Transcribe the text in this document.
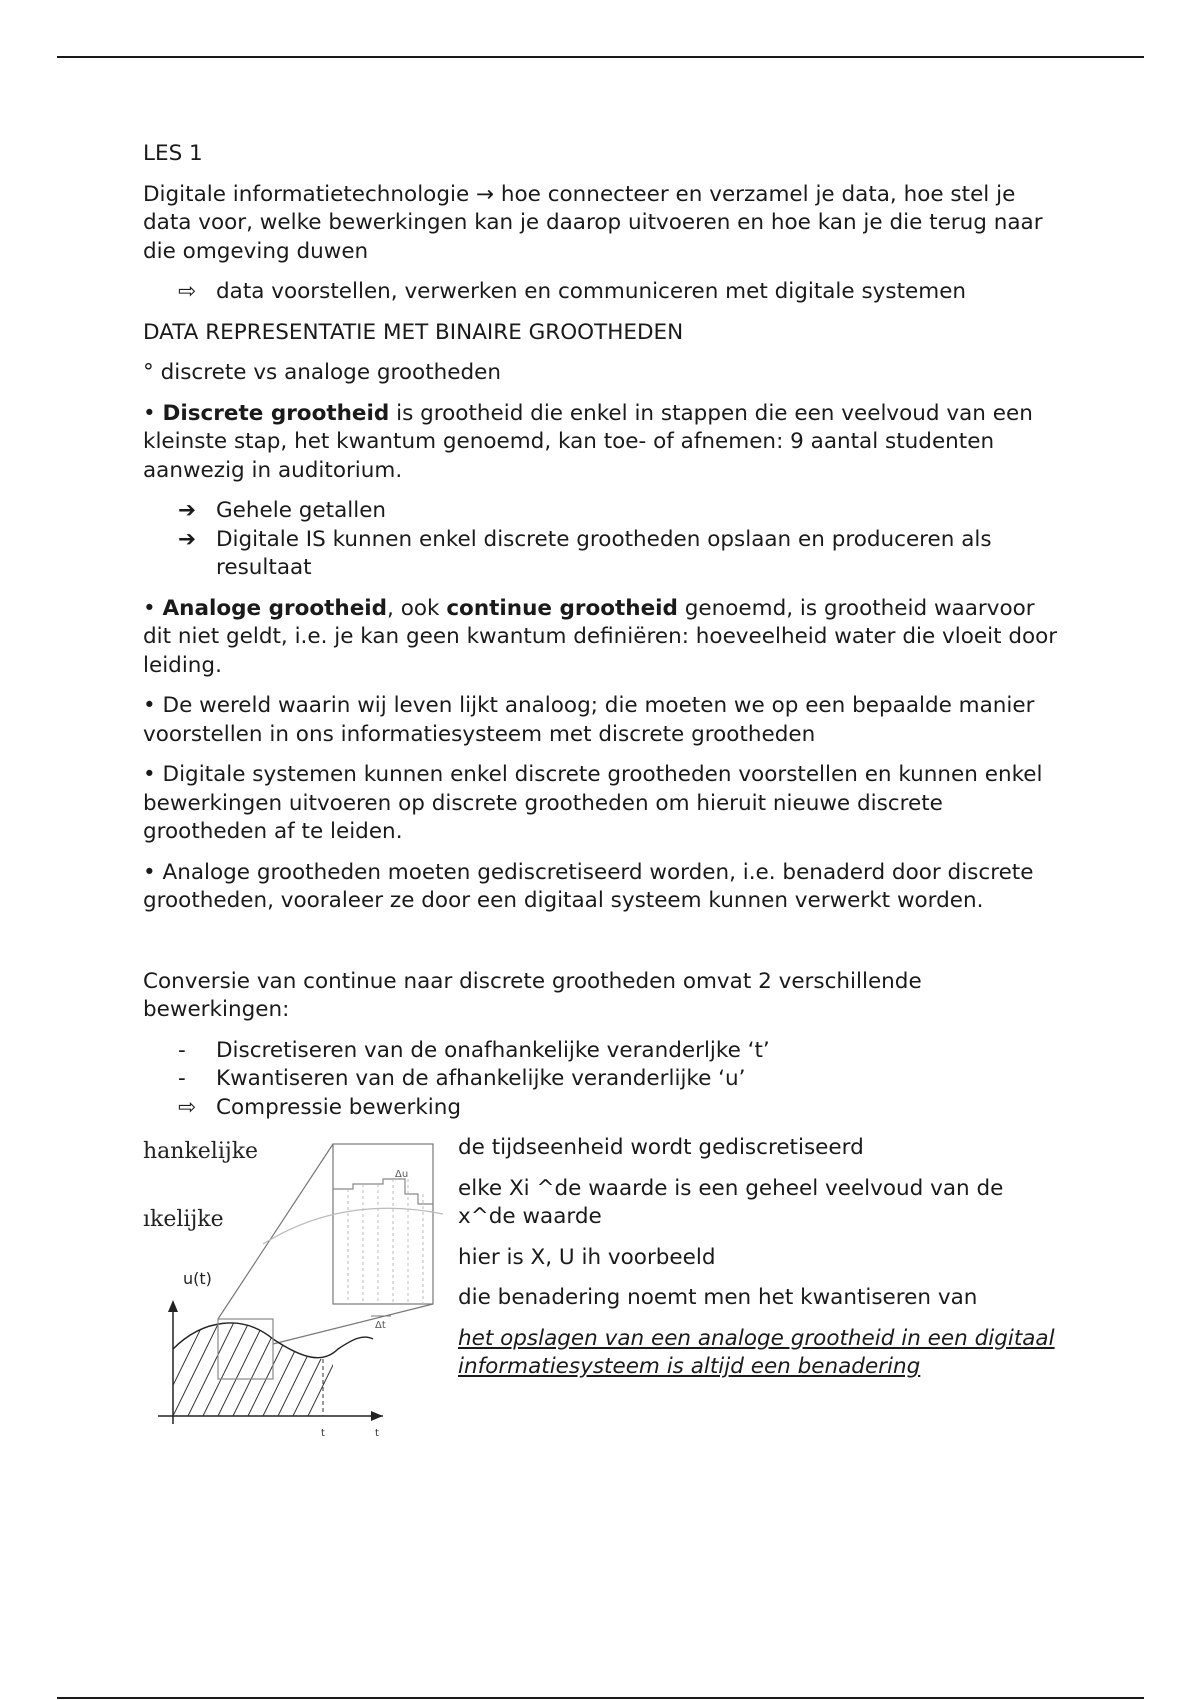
LES 1

Digitale informatietechnologie → hoe connecteer en verzamel je data, hoe stel je data voor, welke bewerkingen kan je daarop uitvoeren en hoe kan je die terug naar die omgeving duwen

⇨ data voorstellen, verwerken en communiceren met digitale systemen

DATA REPRESENTATIE MET BINAIRE GROOTHEDEN

° discrete vs analoge grootheden

• Discrete grootheid is grootheid die enkel in stappen die een veelvoud van een kleinste stap, het kwantum genoemd, kan toe- of afnemen: 9 aantal studenten aanwezig in auditorium.

➔ Gehele getallen
➔ Digitale IS kunnen enkel discrete grootheden opslaan en produceren als resultaat

• Analoge grootheid, ook continue grootheid genoemd, is grootheid waarvoor dit niet geldt, i.e. je kan geen kwantum definiëren: hoeveelheid water die vloeit door leiding.

• De wereld waarin wij leven lijkt analoog; die moeten we op een bepaalde manier voorstellen in ons informatiesysteem met discrete grootheden

• Digitale systemen kunnen enkel discrete grootheden voorstellen en kunnen enkel bewerkingen uitvoeren op discrete grootheden om hieruit nieuwe discrete grootheden af te leiden.

• Analoge grootheden moeten gediscretiseerd worden, i.e. benaderd door discrete grootheden, vooraleer ze door een digitaal systeem kunnen verwerkt worden.

Conversie van continue naar discrete grootheden omvat 2 verschillende bewerkingen:

-	Discretiseren van de onafhankelijke veranderljke ‘t’
-	Kwantiseren van de afhankelijke veranderlijke ‘u’
⇨ Compressie bewerking
hankelijke
ıkelijke
Δu
Δt
u(t)
t	t

de tijdseenheid wordt gediscretiseerd

elke Xi ^de waarde is een geheel veelvoud van de x^de waarde

hier is X, U ih voorbeeld

die benadering noemt men het kwantiseren van

het opslagen van een analoge grootheid in een digitaal informatiesysteem is altijd een benadering
